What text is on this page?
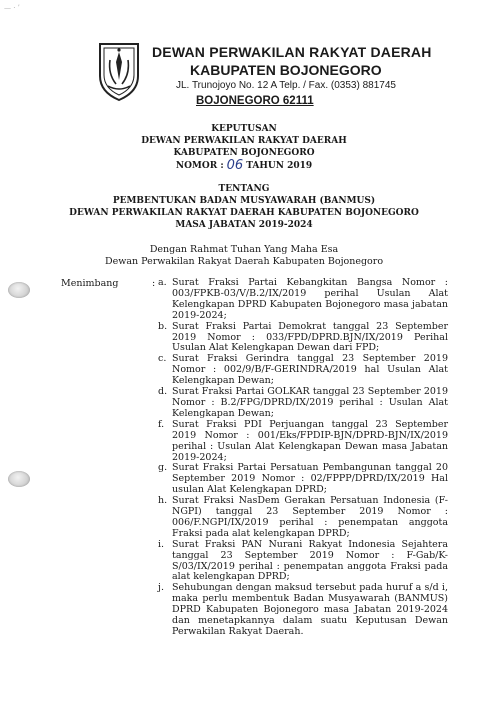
— · ’
DEWAN PERWAKILAN RAKYAT DAERAH
KABUPATEN BOJONEGORO
JL. Trunojoyo No. 12 A Telp. / Fax. (0353) 881745
BOJONEGORO 62111
KEPUTUSAN
DEWAN PERWAKILAN RAKYAT DAERAH
KABUPATEN BOJONEGORO
NOMOR : 06 TAHUN 2019
TENTANG
PEMBENTUKAN BADAN MUSYAWARAH (BANMUS)
DEWAN PERWAKILAN RAKYAT DAERAH KABUPATEN BOJONEGORO
MASA JABATAN 2019-2024
Dengan Rahmat Tuhan Yang Maha Esa
Dewan Perwakilan Rakyat Daerah Kabupaten Bojonegoro
Menimbang	: a. Surat Fraksi Partai Kebangkitan Bangsa Nomor : 003/FPKB-03/V/B.2/IX/2019 perihal Usulan Alat Kelengkapan DPRD Kabupaten Bojonegoro masa jabatan 2019-2024;
b. Surat Fraksi Partai Demokrat tanggal 23 September 2019 Nomor : 033/FPD/DPRD.BJN/IX/2019 Perihal Usulan Alat Kelengkapan Dewan dari FPD;
c. Surat Fraksi Gerindra tanggal 23 September 2019 Nomor : 002/9/B/F-GERINDRA/2019 hal Usulan Alat Kelengkapan Dewan;
d. Surat Fraksi Partai GOLKAR tanggal 23 September 2019 Nomor : B.2/FPG/DPRD/IX/2019 perihal : Usulan Alat Kelengkapan Dewan;
f. Surat Fraksi PDI Perjuangan tanggal 23 September 2019 Nomor : 001/Eks/FPDIP-BJN/DPRD-BJN/IX/2019 perihal : Usulan Alat Kelengkapan Dewan masa Jabatan 2019-2024;
g. Surat Fraksi Partai Persatuan Pembangunan tanggal 20 September 2019 Nomor : 02/FPPP/DPRD/IX/2019 Hal usulan Alat Kelengkapan DPRD;
h. Surat Fraksi NasDem Gerakan Persatuan Indonesia (F-NGPI) tanggal 23 September 2019 Nomor : 006/F.NGPI/IX/2019 perihal : penempatan anggota Fraksi pada alat kelengkapan DPRD;
i. Surat Fraksi PAN Nurani Rakyat Indonesia Sejahtera tanggal 23 September 2019 Nomor : F-Gab/K-S/03/IX/2019 perihal : penempatan anggota Fraksi pada alat kelengkapan DPRD;
j. Sehubungan dengan maksud tersebut pada huruf a s/d i, maka perlu membentuk Badan Musyawarah (BANMUS) DPRD Kabupaten Bojonegoro masa Jabatan 2019-2024 dan menetapkannya dalam suatu Keputusan Dewan Perwakilan Rakyat Daerah.
